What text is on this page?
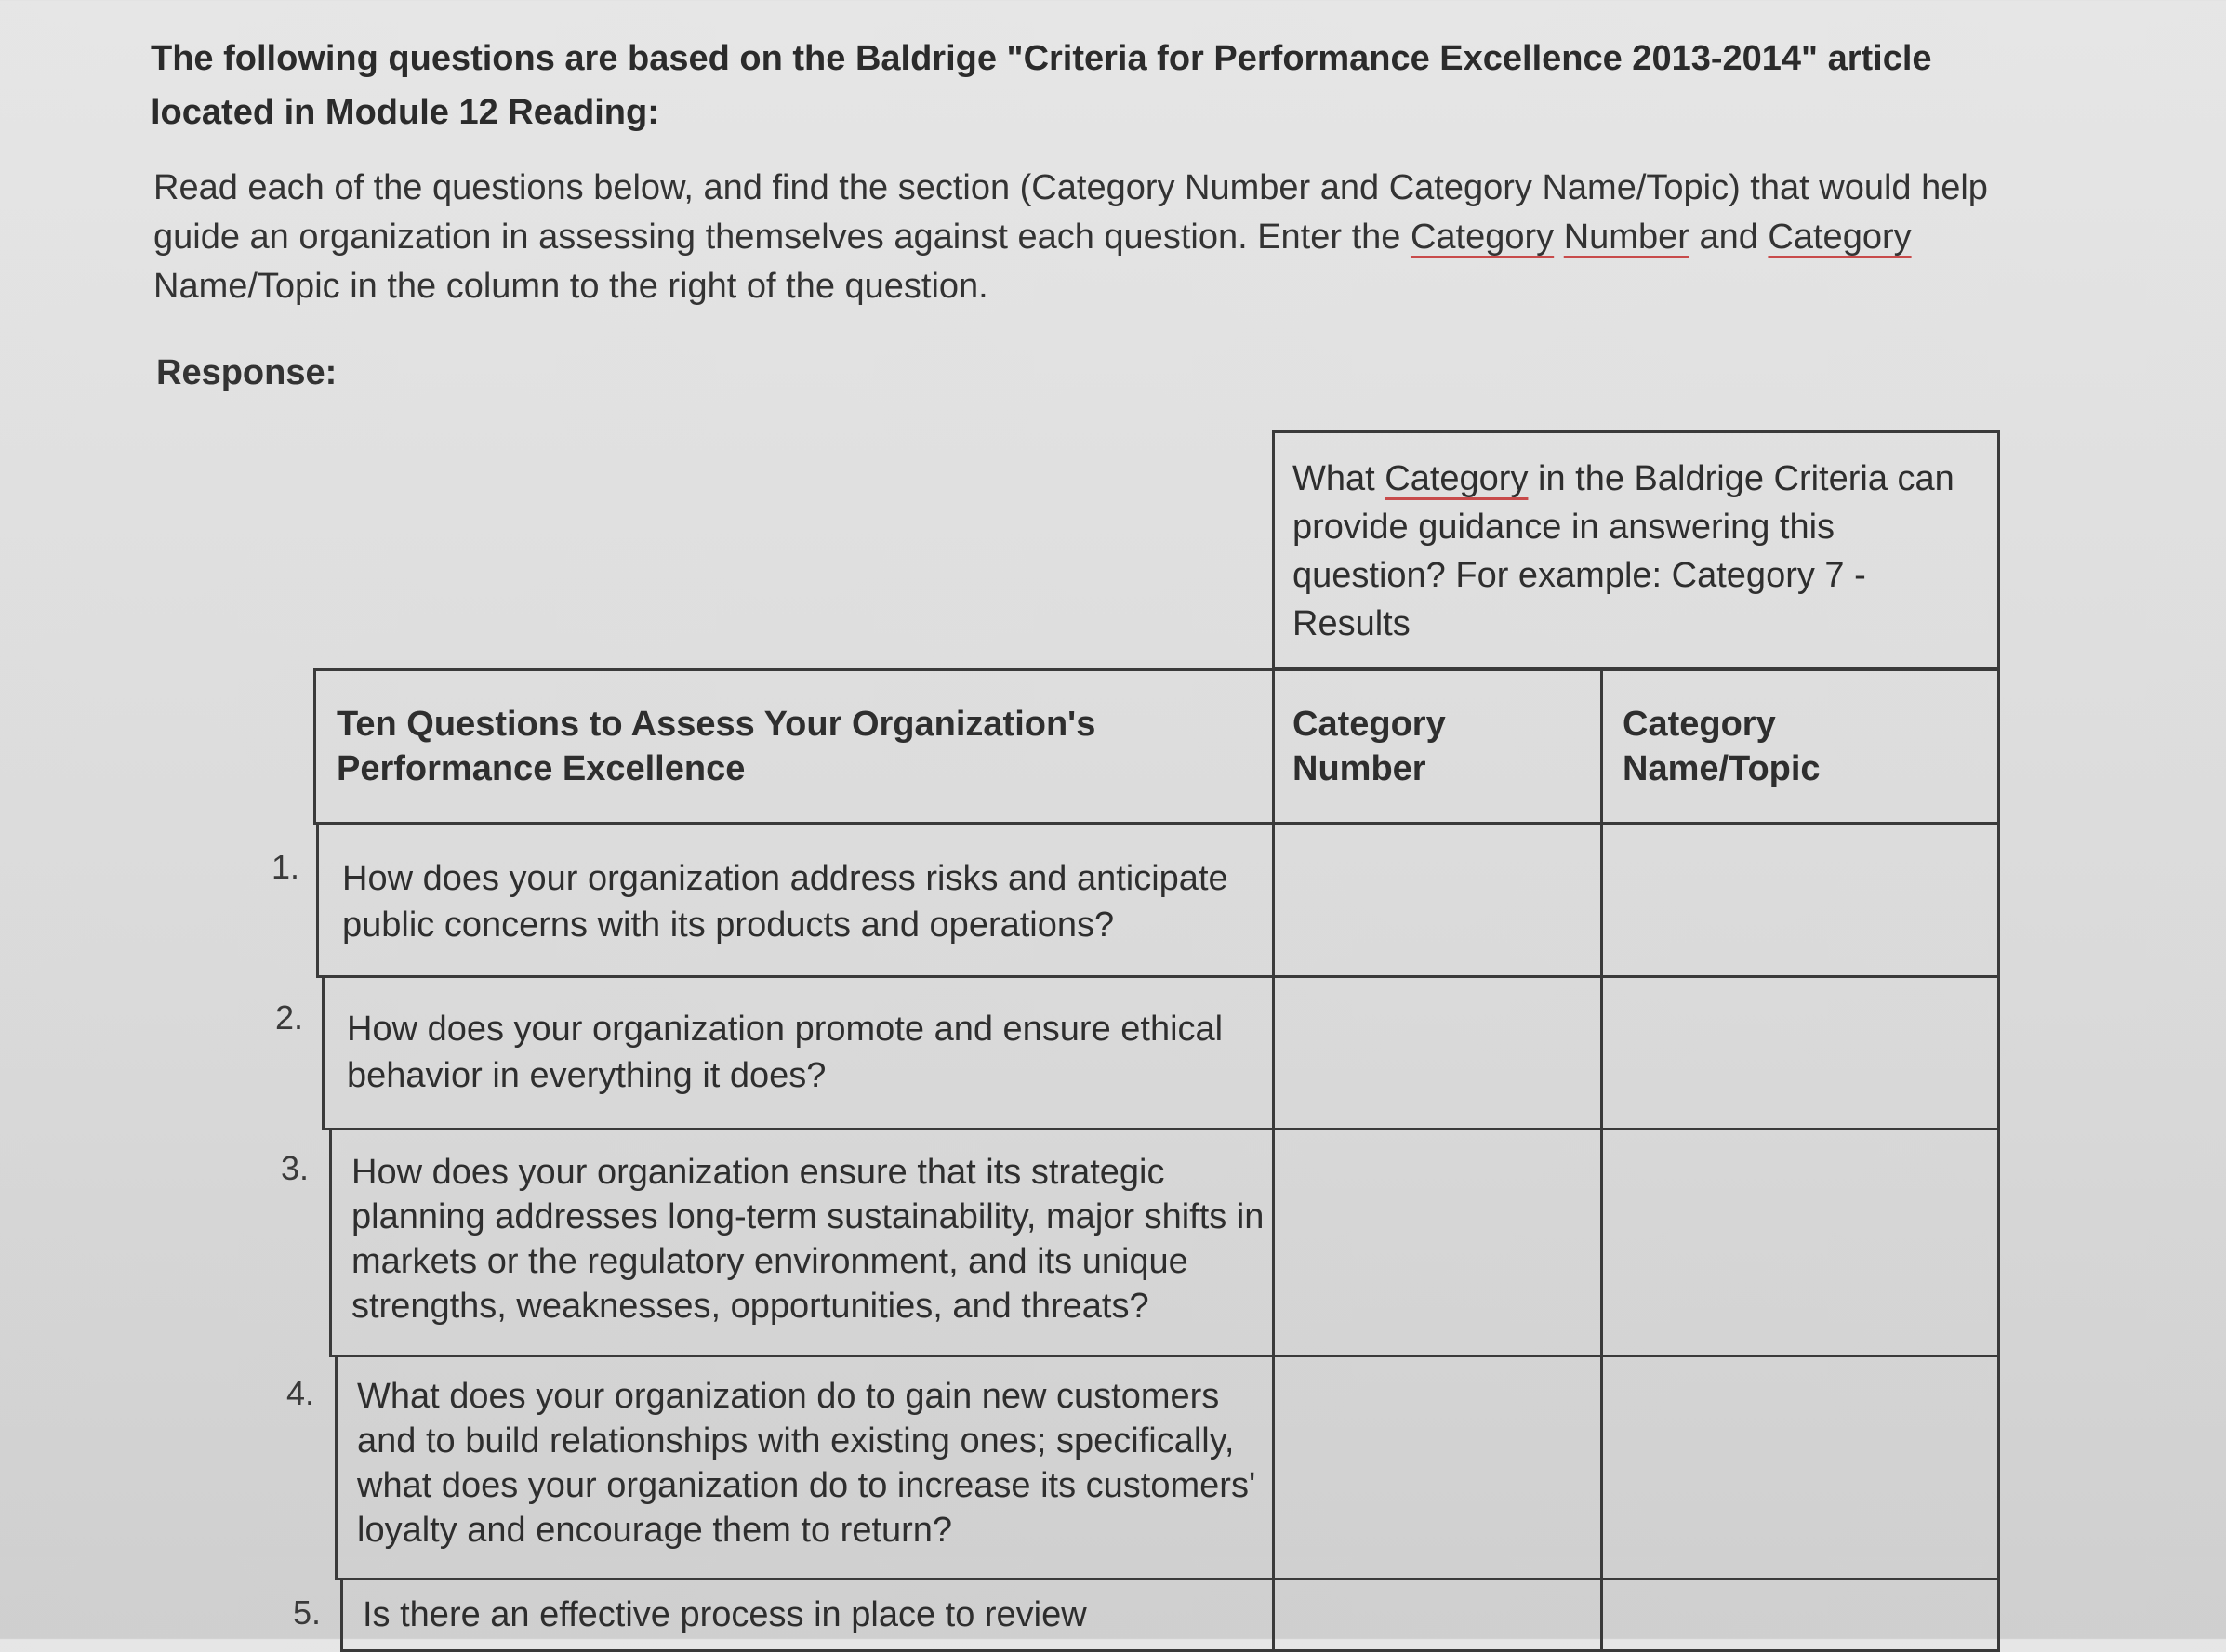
The following questions are based on the Baldrige "Criteria for Performance Excellence 2013-2014" article
located in Module 12 Reading:
Read each of the questions below, and find the section (Category Number and Category Name/Topic) that would help
guide an organization in assessing themselves against each question. Enter the Category Number and Category
Name/Topic in the column to the right of the question.
Response:
What Category in the Baldrige Criteria can
provide guidance in answering this
question? For example: Category 7 -
Results
Ten Questions to Assess Your Organization's
Performance Excellence
Category
Number
Category
Name/Topic
1. How does your organization address risks and anticipate
public concerns with its products and operations?
2. How does your organization promote and ensure ethical
behavior in everything it does?
3. How does your organization ensure that its strategic
planning addresses long-term sustainability, major shifts in
markets or the regulatory environment, and its unique
strengths, weaknesses, opportunities, and threats?
4. What does your organization do to gain new customers
and to build relationships with existing ones; specifically,
what does your organization do to increase its customers'
loyalty and encourage them to return?
5. Is there an effective process in place to review
